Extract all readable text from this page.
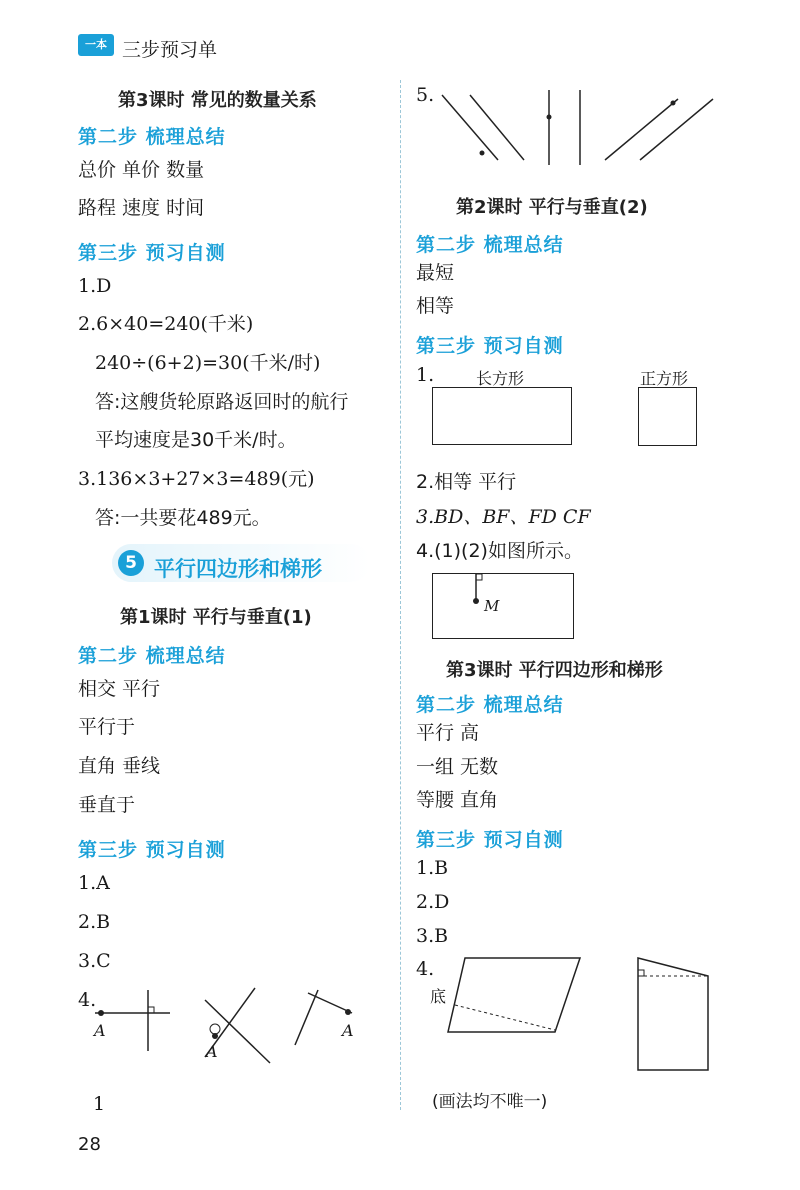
一本 三步预习单
第3课时 常见的数量关系
第二步 梳理总结
总价 单价 数量
路程 速度 时间
第三步 预习自测
1.D
2.6×40=240(千米)
240÷(6+2)=30(千米/时)
答:这艘货轮原路返回时的航行
平均速度是30千米/时。
3.136×3+27×3=489(元)
答:一共要花489元。
5 平行四边形和梯形
第1课时 平行与垂直(1)
第二步 梳理总结
相交 平行
平行于
直角 垂线
垂直于
第三步 预习自测
1.A
2.B
3.C
4.
A
A
A
1
28
5.
第2课时 平行与垂直(2)
第二步 梳理总结
最短
相等
第三步 预习自测
1.	长方形	正方形
2.相等 平行
3.BD、BF、FD CF
4.(1)(2)如图所示。
M
第3课时 平行四边形和梯形
第二步 梳理总结
平行 高
一组 无数
等腰 直角
第三步 预习自测
1.B
2.D
3.B
4.
底
(画法均不唯一)
